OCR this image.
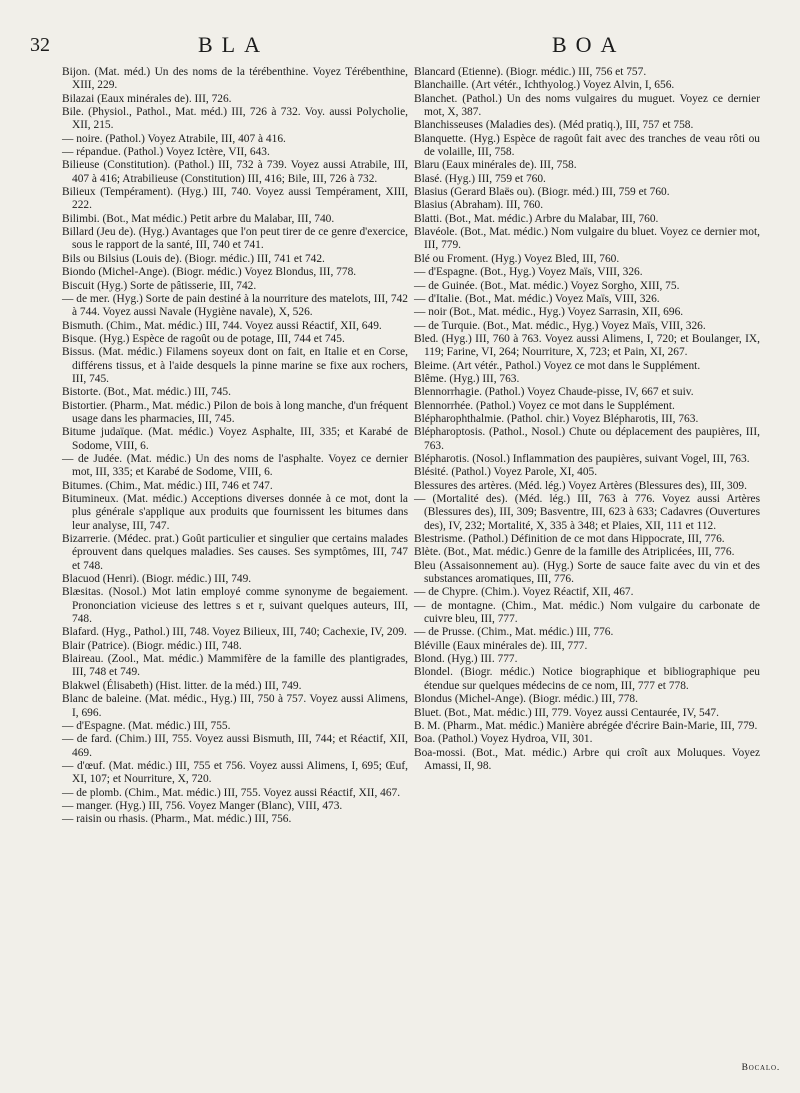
32	BLA	BOA

Bijon. (Mat. méd.) Un des noms de la térébenthine. Voyez Térébenthine, XIII, 229.

Bilazai (Eaux minérales de). III, 726.

Bile. (Physiol., Pathol., Mat. méd.) III, 726 à 732. Voy. aussi Polycholie, XII, 215.

— noire. (Pathol.) Voyez Atrabile, III, 407 à 416.

— répandue. (Pathol.) Voyez Ictère, VII, 643.

Bilieuse (Constitution). (Pathol.) III, 732 à 739. Voyez aussi Atrabile, III, 407 à 416; Atrabilieuse (Constitution) III, 416; Bile, III, 726 à 732.

Bilieux (Tempérament). (Hyg.) III, 740. Voyez aussi Tempérament, XIII, 222.

Bilimbi. (Bot., Mat médic.) Petit arbre du Malabar, III, 740.

Billard (Jeu de). (Hyg.) Avantages que l'on peut tirer de ce genre d'exercice, sous le rapport de la santé, III, 740 et 741.

Bils ou Bilsius (Louis de). (Biogr. médic.) III, 741 et 742.

Biondo (Michel-Ange). (Biogr. médic.) Voyez Blondus, III, 778.

Biscuit (Hyg.) Sorte de pâtisserie, III, 742.

— de mer. (Hyg.) Sorte de pain destiné à la nourriture des matelots, III, 742 à 744. Voyez aussi Navale (Hygiène navale), X, 526.

Bismuth. (Chim., Mat. médic.) III, 744. Voyez aussi Réactif, XII, 649.

Bisque. (Hyg.) Espèce de ragoût ou de potage, III, 744 et 745.

Bissus. (Mat. médic.) Filamens soyeux dont on fait, en Italie et en Corse, différens tissus, et à l'aide desquels la pinne marine se fixe aux rochers, III, 745.

Bistorte. (Bot., Mat. médic.) III, 745.

Bistortier. (Pharm., Mat. médic.) Pilon de bois à long manche, d'un fréquent usage dans les pharmacies, III, 745.

Bitume judaïque. (Mat. médic.) Voyez Asphalte, III, 335; et Karabé de Sodome, VIII, 6.

— de Judée. (Mat. médic.) Un des noms de l'asphalte. Voyez ce dernier mot, III, 335; et Karabé de Sodome, VIII, 6.

Bitumes. (Chim., Mat. médic.) III, 746 et 747.

Bitumineux. (Mat. médic.) Acceptions diverses donnée à ce mot, dont la plus générale s'applique aux produits que fournissent les bitumes dans leur analyse, III, 747.

Bizarrerie. (Médec. prat.) Goût particulier et singulier que certains malades éprouvent dans quelques maladies. Ses causes. Ses symptômes, III, 747 et 748.

Blacuod (Henri). (Biogr. médic.) III, 749.

Blæsitas. (Nosol.) Mot latin employé comme synonyme de begaiement. Prononciation vicieuse des lettres s et r, suivant quelques auteurs, III, 748.

Blafard. (Hyg., Pathol.) III, 748. Voyez Bilieux, III, 740; Cachexie, IV, 209.

Blair (Patrice). (Biogr. médic.) III, 748.

Blaireau. (Zool., Mat. médic.) Mammifère de la famille des plantigrades, III, 748 et 749.

Blakwel (Élisabeth) (Hist. litter. de la méd.) III, 749.

Blanc de baleine. (Mat. médic., Hyg.) III, 750 à 757. Voyez aussi Alimens, I, 696.

— d'Espagne. (Mat. médic.) III, 755.

— de fard. (Chim.) III, 755. Voyez aussi Bismuth, III, 744; et Réactif, XII, 469.

— d'œuf. (Mat. médic.) III, 755 et 756. Voyez aussi Alimens, I, 695; Œuf, XI, 107; et Nourriture, X, 720.

— de plomb. (Chim., Mat. médic.) III, 755. Voyez aussi Réactif, XII, 467.

— manger. (Hyg.) III, 756. Voyez Manger (Blanc), VIII, 473.

— raisin ou rhasis. (Pharm., Mat. médic.) III, 756.

Blancard (Etienne). (Biogr. médic.) III, 756 et 757.

Blanchaille. (Art vétér., Ichthyolog.) Voyez Alvin, I, 656.

Blanchet. (Pathol.) Un des noms vulgaires du muguet. Voyez ce dernier mot, X, 387.

Blanchisseuses (Maladies des). (Méd pratiq.), III, 757 et 758.

Blanquette. (Hyg.) Espèce de ragoût fait avec des tranches de veau rôti ou de volaille, III, 758.

Blaru (Eaux minérales de). III, 758.

Blasé. (Hyg.) III, 759 et 760.

Blasius (Gerard Blaës ou). (Biogr. méd.) III, 759 et 760.

Blasius (Abraham). III, 760.

Blatti. (Bot., Mat. médic.) Arbre du Malabar, III, 760.

Blavéole. (Bot., Mat. médic.) Nom vulgaire du bluet. Voyez ce dernier mot, III, 779.

Blé ou Froment. (Hyg.) Voyez Bled, III, 760.

— d'Espagne. (Bot., Hyg.) Voyez Maïs, VIII, 326.

— de Guinée. (Bot., Mat. médic.) Voyez Sorgho, XIII, 75.

— d'Italie. (Bot., Mat. médic.) Voyez Maïs, VIII, 326.

— noir (Bot., Mat. médic., Hyg.) Voyez Sarrasin, XII, 696.

— de Turquie. (Bot., Mat. médic., Hyg.) Voyez Maïs, VIII, 326.

Bled. (Hyg.) III, 760 à 763. Voyez aussi Alimens, I, 720; et Boulanger, IX, 119; Farine, VI, 264; Nourriture, X, 723; et Pain, XI, 267.

Bleime. (Art vétér., Pathol.) Voyez ce mot dans le Supplément.

Blême. (Hyg.) III, 763.

Blennorrhagie. (Pathol.) Voyez Chaude-pisse, IV, 667 et suiv.

Blennorrhée. (Pathol.) Voyez ce mot dans le Supplément.

Blépharophthalmie. (Pathol. chir.) Voyez Blépharotis, III, 763.

Blépharoptosis. (Pathol., Nosol.) Chute ou déplacement des paupières, III, 763.

Blépharotis. (Nosol.) Inflammation des paupières, suivant Vogel, III, 763.

Blésité. (Pathol.) Voyez Parole, XI, 405.

Blessures des artères. (Méd. lég.) Voyez Artères (Blessures des), III, 309.

— (Mortalité des). (Méd. lég.) III, 763 à 776. Voyez aussi Artères (Blessures des), III, 309; Basventre, III, 623 à 633; Cadavres (Ouvertures des), IV, 232; Mortalité, X, 335 à 348; et Plaies, XII, 111 et 112.

Blestrisme. (Pathol.) Définition de ce mot dans Hippocrate, III, 776.

Blète. (Bot., Mat. médic.) Genre de la famille des Atriplicées, III, 776.

Bleu (Assaisonnement au). (Hyg.) Sorte de sauce faite avec du vin et des substances aromatiques, III, 776.

— de Chypre. (Chim.). Voyez Réactif, XII, 467.

— de montagne. (Chim., Mat. médic.) Nom vulgaire du carbonate de cuivre bleu, III, 777.

— de Prusse. (Chim., Mat. médic.) III, 776.

Bléville (Eaux minérales de). III, 777.

Blond. (Hyg.) III. 777.

Blondel. (Biogr. médic.) Notice biographique et bibliographique peu étendue sur quelques médecins de ce nom, III, 777 et 778.

Blondus (Michel-Ange). (Biogr. médic.) III, 778.

Bluet. (Bot., Mat. médic.) III, 779. Voyez aussi Centaurée, IV, 547.

B. M. (Pharm., Mat. médic.) Manière abrégée d'écrire Bain-Marie, III, 779.

Boa. (Pathol.) Voyez Hydroa, VII, 301.

Boa-mossi. (Bot., Mat. médic.) Arbre qui croît aux Moluques. Voyez Amassi, II, 98.

Bocalo.
